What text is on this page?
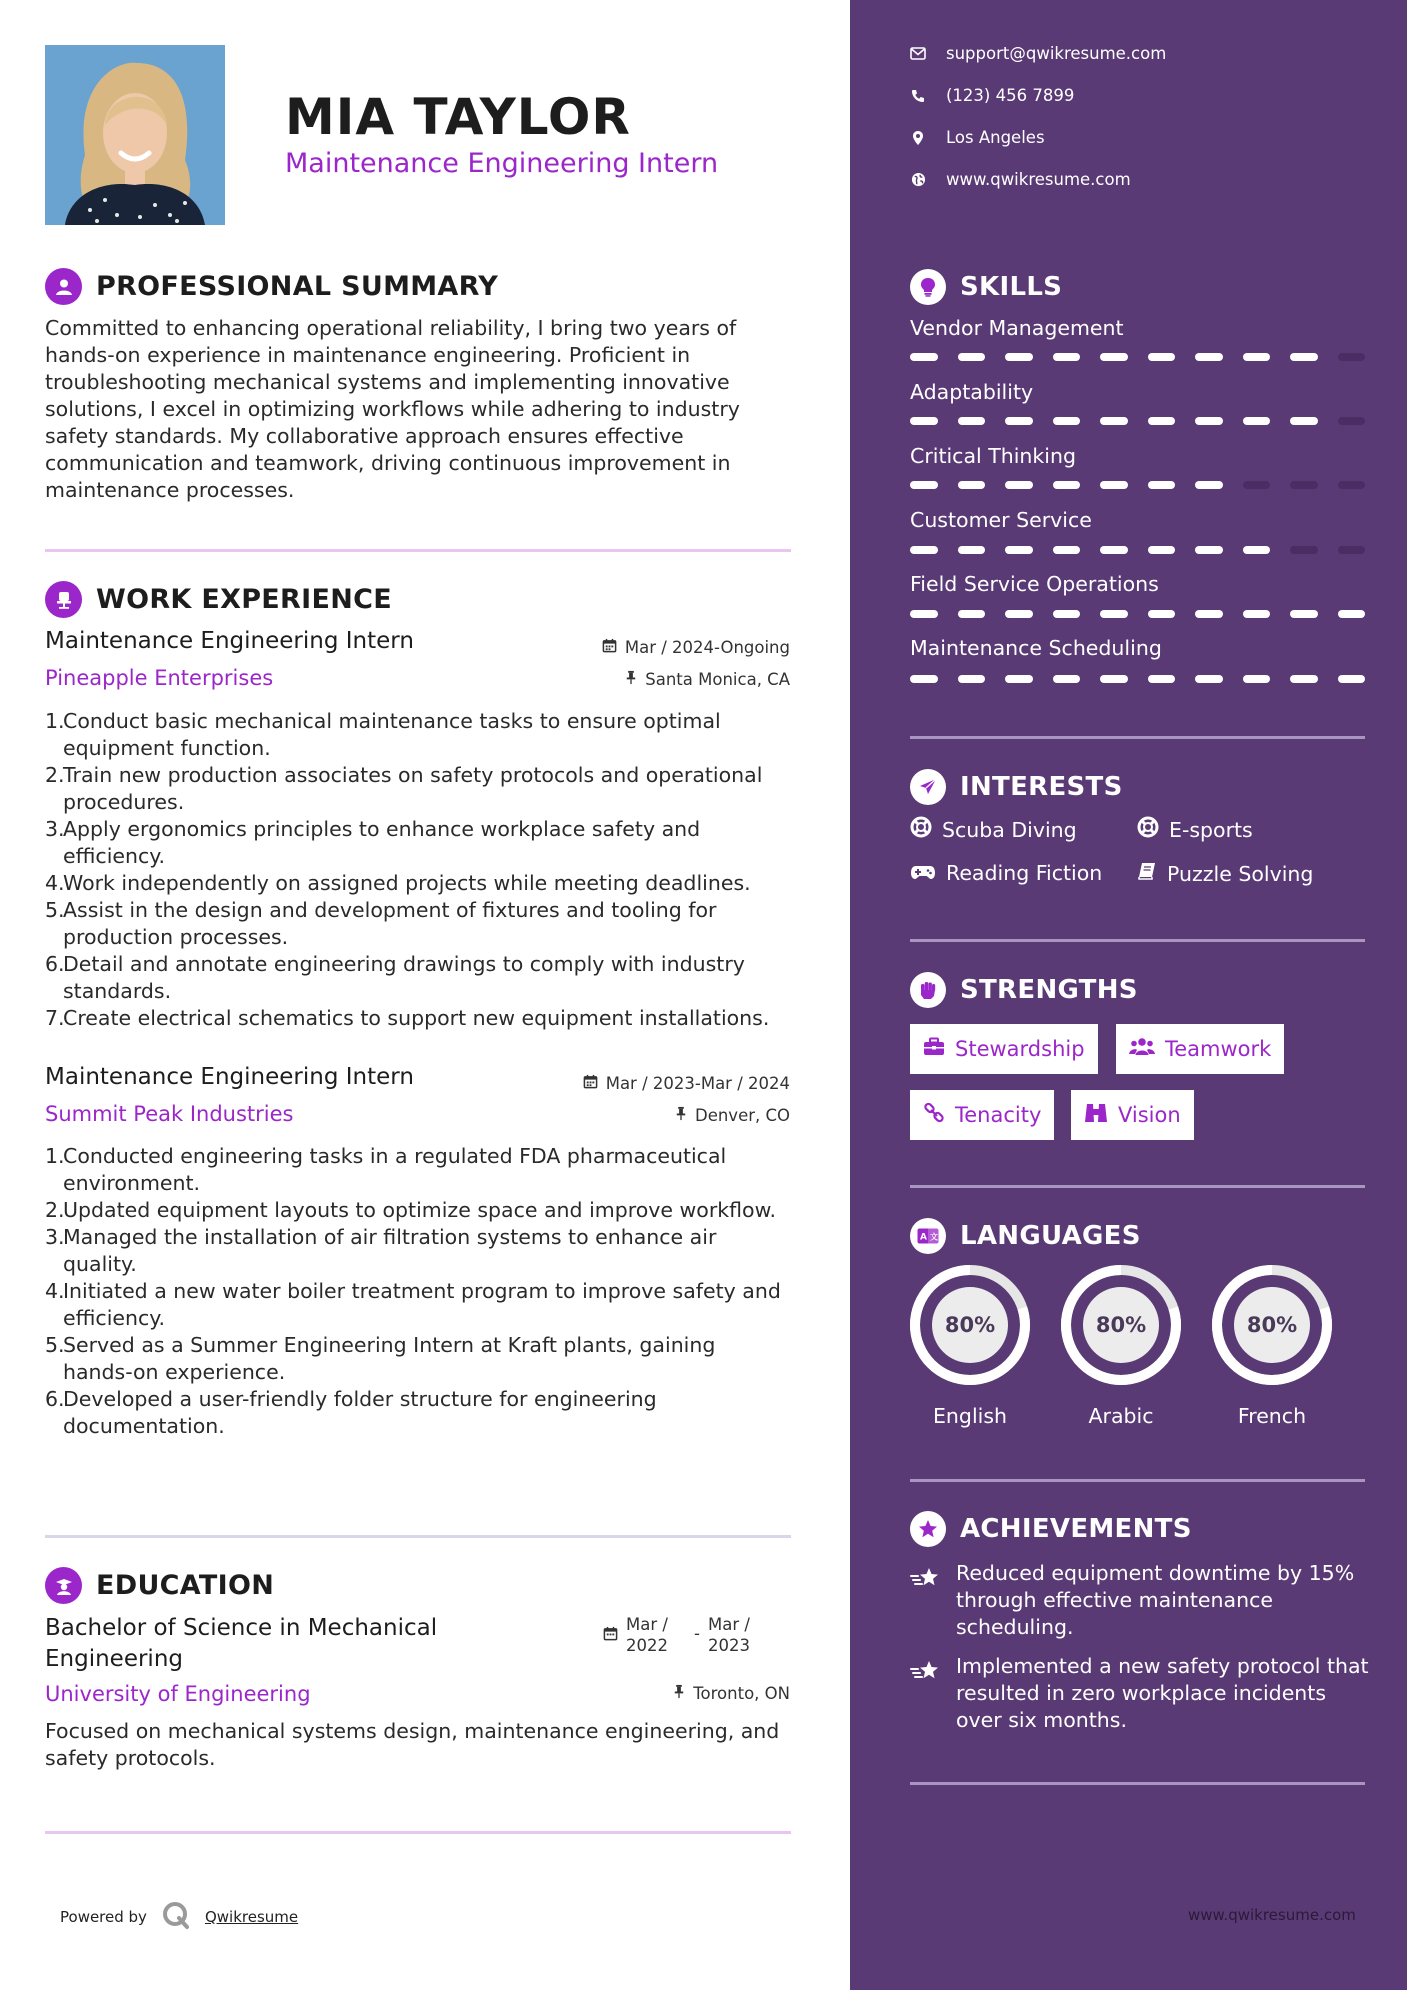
MIA TAYLOR
Maintenance Engineering Intern
PROFESSIONAL SUMMARY
Committed to enhancing operational reliability, I bring two years of hands-on experience in maintenance engineering. Proficient in troubleshooting mechanical systems and implementing innovative solutions, I excel in optimizing workflows while adhering to industry safety standards. My collaborative approach ensures effective communication and teamwork, driving continuous improvement in maintenance processes.
WORK EXPERIENCE
Maintenance Engineering Intern	Mar / 2024-Ongoing
Pineapple Enterprises	Santa Monica, CA
1.
Conduct basic mechanical maintenance tasks to ensure optimal equipment function.
2.
Train new production associates on safety protocols and operational procedures.
3.
Apply ergonomics principles to enhance workplace safety and efficiency.
4.
Work independently on assigned projects while meeting deadlines.
5.
Assist in the design and development of fixtures and tooling for production processes.
6.
Detail and annotate engineering drawings to comply with industry standards.
7.
Create electrical schematics to support new equipment installations.
Maintenance Engineering Intern	Mar / 2023-Mar / 2024
Summit Peak Industries	Denver, CO
1.
Conducted engineering tasks in a regulated FDA pharmaceutical environment.
2.
Updated equipment layouts to optimize space and improve workflow.
3.
Managed the installation of air filtration systems to enhance air quality.
4.
Initiated a new water boiler treatment program to improve safety and efficiency.
5.
Served as a Summer Engineering Intern at Kraft plants, gaining hands-on experience.
6.
Developed a user-friendly folder structure for engineering documentation.
EDUCATION
Bachelor of Science in Mechanical Engineering
Mar / 2022
- Mar / 2023
University of Engineering	Toronto, ON
Focused on mechanical systems design, maintenance engineering, and safety protocols.
Powered by	Qwikresume
support@qwikresume.com
(123) 456 7899
Los Angeles
www.qwikresume.com
SKILLS
Vendor Management
Adaptability
Critical Thinking
Customer Service
Field Service Operations
Maintenance Scheduling
INTERESTS
Scuba Diving	E-sports
Reading Fiction	Puzzle Solving
STRENGTHS
Stewardship	Teamwork
Tenacity	Vision
A 文 LANGUAGES
80%
English
80%
Arabic
80%
French
ACHIEVEMENTS
Reduced equipment downtime by 15% through effective maintenance scheduling.
Implemented a new safety protocol that resulted in zero workplace incidents over six months.
www.qwikresume.com
